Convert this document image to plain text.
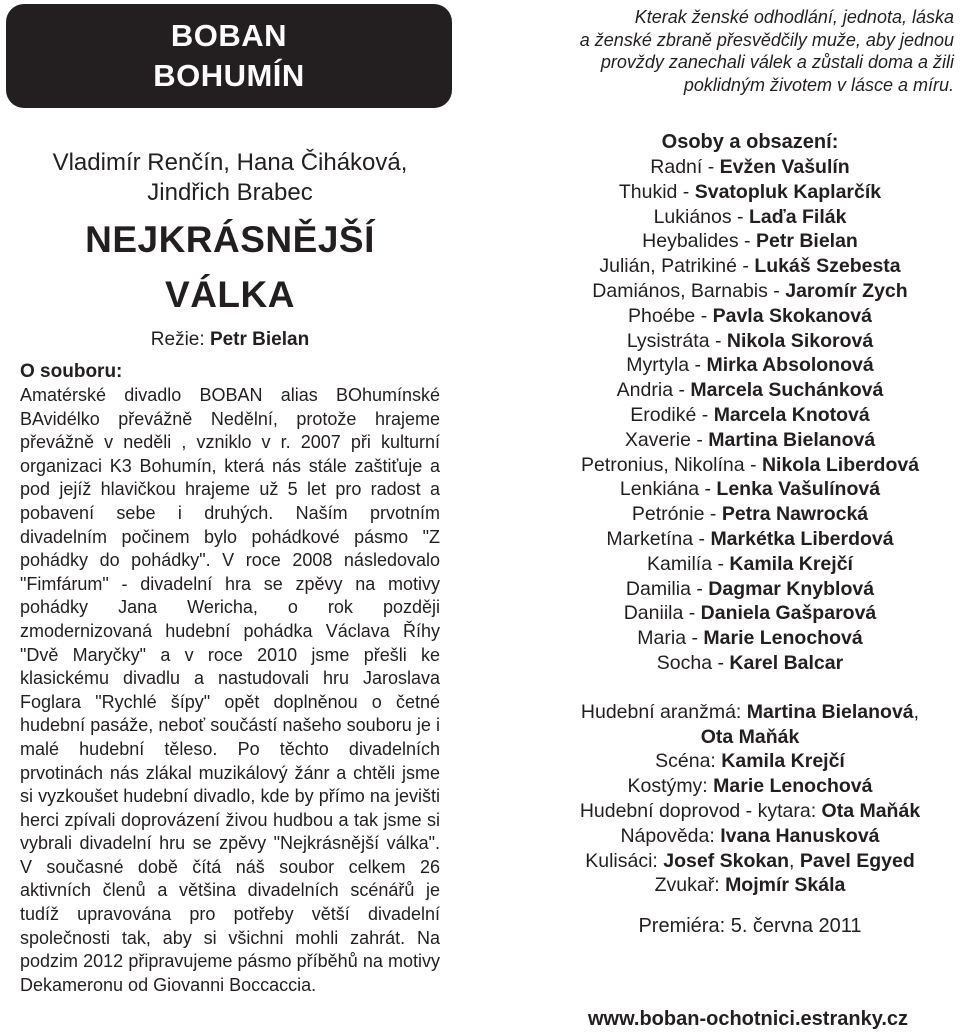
BOBAN
BOHUMÍN
Kterak ženské odhodlání, jednota, láska
a ženské zbraně přesvědčily muže, aby jednou
provždy zanechali válek a zůstali doma a žili
poklidným životem v lásce a míru.
Vladimír Renčín, Hana Čiháková,
Jindřich Brabec
NEJKRÁSNĚJŠÍ
VÁLKA
Režie: Petr Bielan
O souboru:
Amatérské divadlo BOBAN alias BOhumínské BAvidélko převážně Nedělní, protože hrajeme převážně v neděli , vzniklo v r. 2007 při kulturní organizaci K3 Bohumín, která nás stále zaštiťuje a pod jejíž hlavičkou hrajeme už 5 let pro radost a pobavení sebe i druhých. Naším prvotním divadelním počinem bylo pohádkové pásmo "Z pohádky do pohádky". V roce 2008 následovalo "Fimfárum" - divadelní hra se zpěvy na motivy pohádky Jana Wericha, o rok později zmodernizovaná hudební pohádka Václava Říhy "Dvě Maryčky" a v roce 2010 jsme přešli ke klasickému divadlu a nastudovali hru Jaroslava Foglara "Rychlé šípy" opět doplněnou o četné hudební pasáže, neboť součástí našeho souboru je i malé hudební těleso. Po těchto divadelních prvotinách nás zlákal muzikálový žánr a chtěli jsme si vyzkoušet hudební divadlo, kde by přímo na jevišti herci zpívali doprovázení živou hudbou a tak jsme si vybrali divadelní hru se zpěvy "Nejkrásnější válka". V současné době čítá náš soubor celkem 26 aktivních členů a většina divadelních scénářů je tudíž upravována pro potřeby větší divadelní společnosti tak, aby si všichni mohli zahrát. Na podzim 2012 připravujeme pásmo příběhů na motivy Dekameronu od Giovanni Boccaccia.
Osoby a obsazení:
Radní - Evžen Vašulín
Thukid - Svatopluk Kaplarčík
Lukiános - Laďa Filák
Heybalides - Petr Bielan
Julián, Patrikiné - Lukáš Szebesta
Damiános, Barnabis - Jaromír Zych
Phoébe - Pavla Skokanová
Lysistráta - Nikola Sikorová
Myrtyla - Mirka Absolonová
Andria - Marcela Suchánková
Erodiké - Marcela Knotová
Xaverie - Martina Bielanová
Petronius, Nikolína - Nikola Liberdová
Lenkiána - Lenka Vašulínová
Petrónie - Petra Nawrocká
Marketína - Markétka Liberdová
Kamilía - Kamila Krejčí
Damilia - Dagmar Knyblová
Daniila - Daniela Gašparová
Maria - Marie Lenochová
Socha - Karel Balcar
Hudební aranžmá: Martina Bielanová,
Ota Maňák
Scéna: Kamila Krejčí
Kostýmy: Marie Lenochová
Hudební doprovod - kytara: Ota Maňák
Nápověda: Ivana Hanusková
Kulisáci: Josef Skokan, Pavel Egyed
Zvukař: Mojmír Skála
Premiéra: 5. června 2011
www.boban-ochotnici.estranky.cz
